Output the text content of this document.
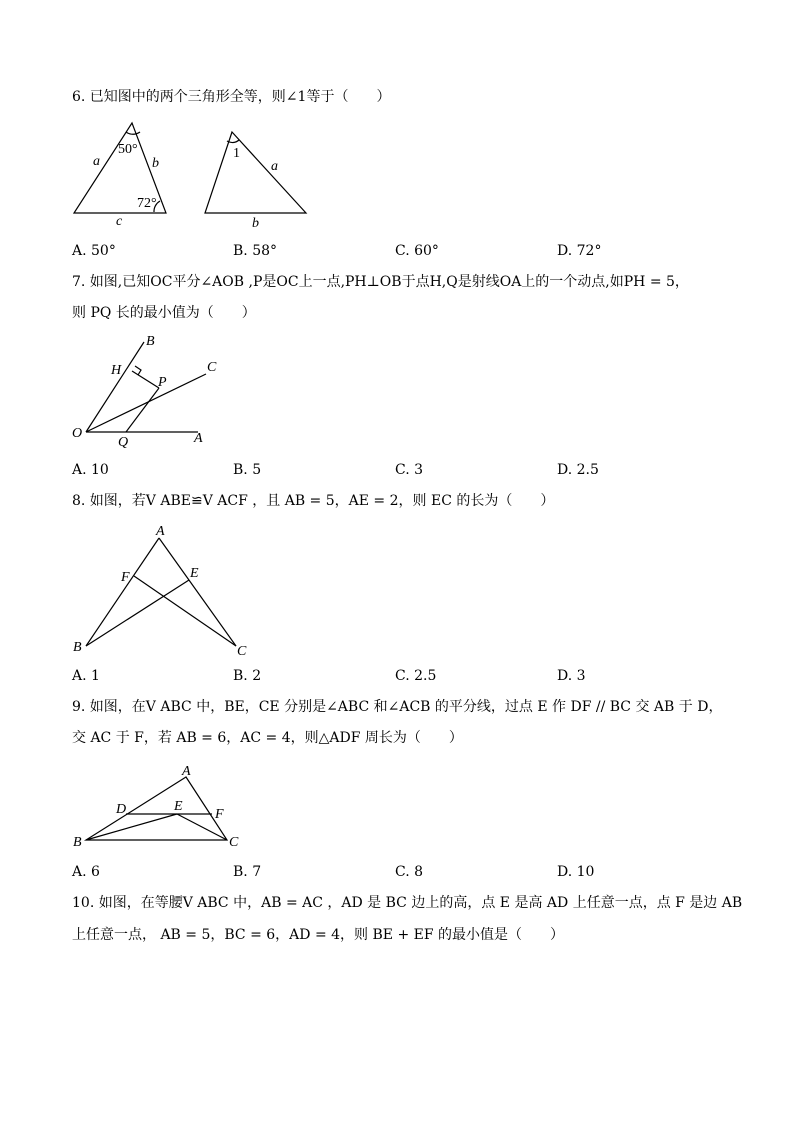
6. 已知图中的两个三角形全等，则∠1等于（　　）
a	b
c
50°
72°
1
a
b
A. 50°	B. 58°	C. 60°	D. 72°
7. 如图,已知OC平分∠AOB ,P是OC上一点,PH⊥OB于点H,Q是射线OA上的一个动点,如PH = 5，
则 PQ 长的最小值为（　　）
B
H
P
C
O
Q	A
A. 10	B. 5	C. 3	D. 2.5
8. 如图，若V ABE≌V ACF ，且 AB = 5，AE = 2，则 EC 的长为（　　）
A
F	E
B	C
A. 1	B. 2	C. 2.5	D. 3
9. 如图，在V ABC 中，BE，CE 分别是∠ABC 和∠ACB 的平分线，过点 E 作 DF // BC 交 AB 于 D，
交 AC 于 F，若 AB = 6，AC = 4，则△ADF 周长为（　　）
A
D	E
F
B	C
A. 6	B. 7	C. 8	D. 10
10. 如图，在等腰V ABC 中，AB = AC ，AD 是 BC 边上的高，点 E 是高 AD 上任意一点，点 F 是边 AB
上任意一点， AB = 5，BC = 6，AD = 4，则 BE + EF 的最小值是（　　）
